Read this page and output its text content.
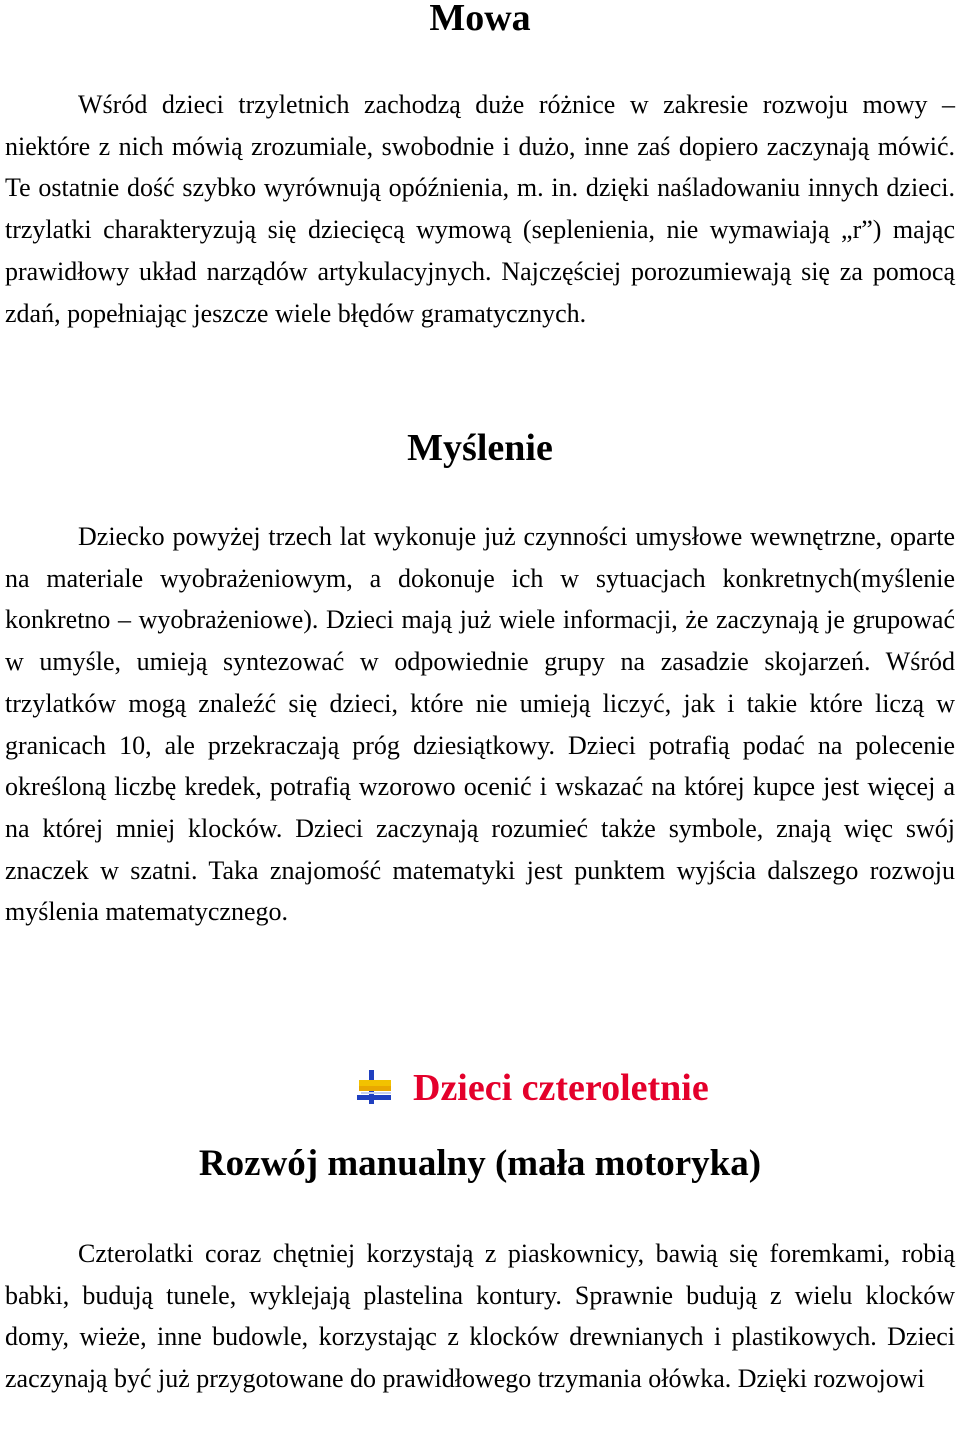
Mowa

Wśród dzieci trzyletnich zachodzą duże różnice w zakresie rozwoju mowy – niektóre z nich mówią zrozumiale, swobodnie i dużo, inne zaś dopiero zaczynają mówić. Te ostatnie dość szybko wyrównują opóźnienia, m. in. dzięki naśladowaniu innych dzieci. trzylatki charakteryzują się dziecięcą wymową (seplenienia, nie wymawiają „r”) mając prawidłowy układ narządów artykulacyjnych. Najczęściej porozumiewają się za pomocą zdań, popełniając jeszcze wiele błędów gramatycznych.

Myślenie

Dziecko powyżej trzech lat wykonuje już czynności umysłowe wewnętrzne, oparte na materiale wyobrażeniowym, a dokonuje ich w sytuacjach konkretnych(myślenie konkretno – wyobrażeniowe). Dzieci mają już wiele informacji, że zaczynają je grupować w umyśle, umieją syntezować w odpowiednie grupy na zasadzie skojarzeń. Wśród trzylatków mogą znaleźć się dzieci, które nie umieją liczyć, jak i takie które liczą w granicach 10, ale przekraczają próg dziesiątkowy. Dzieci potrafią podać na polecenie określoną liczbę kredek, potrafią wzorowo ocenić i wskazać na której kupce jest więcej a na której mniej klocków. Dzieci zaczynają rozumieć także symbole, znają więc swój znaczek w szatni. Taka znajomość matematyki jest punktem wyjścia dalszego rozwoju myślenia matematycznego.

Dzieci czteroletnie
Rozwój manualny (mała motoryka)

Czterolatki coraz chętniej korzystają z piaskownicy, bawią się foremkami, robią babki, budują tunele, wyklejają plastelina kontury. Sprawnie budują z wielu klocków domy, wieże, inne budowle, korzystając z klocków drewnianych i plastikowych. Dzieci zaczynają być już przygotowane do prawidłowego trzymania ołówka. Dzięki rozwojowi
